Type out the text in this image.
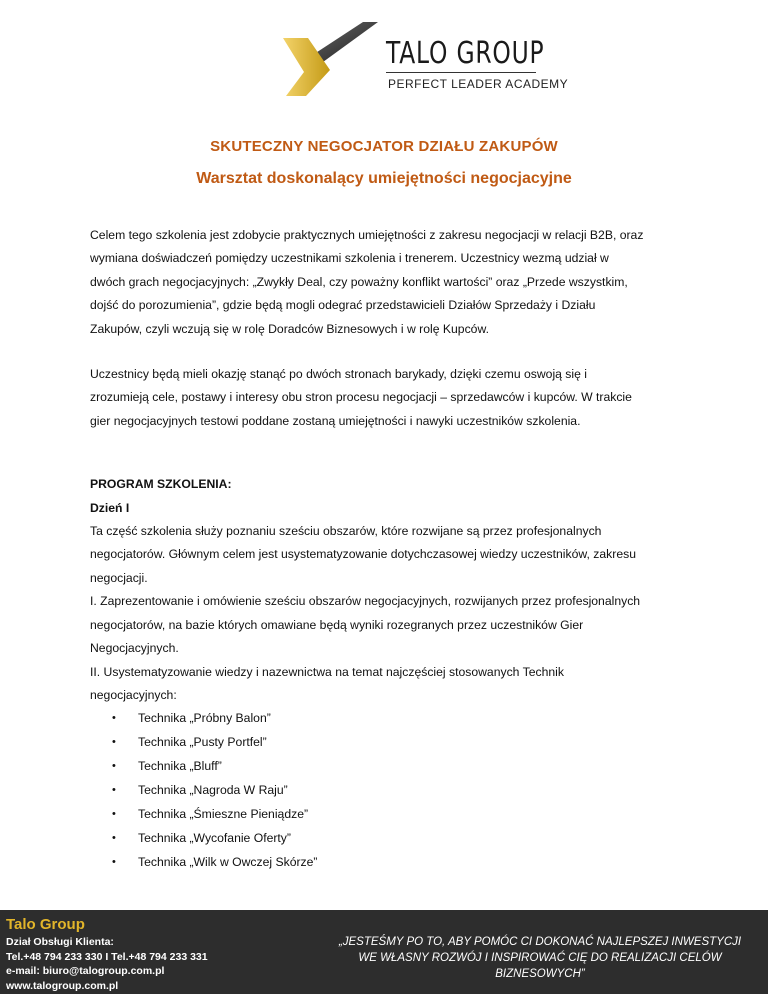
TALO GROUP
PERFECT LEADER ACADEMY
SKUTECZNY NEGOCJATOR DZIAŁU ZAKUPÓW
Warsztat doskonalący umiejętności negocjacyjne

Celem tego szkolenia jest zdobycie praktycznych umiejętności z zakresu negocjacji w relacji B2B, oraz

wymiana doświadczeń pomiędzy uczestnikami szkolenia i trenerem. Uczestnicy wezmą udział w

dwóch grach negocjacyjnych: „Zwykły Deal, czy poważny konflikt wartości” oraz „Przede wszystkim,

dojść do porozumienia”, gdzie będą mogli odegrać przedstawicieli Działów Sprzedaży i Działu

Zakupów, czyli wczują się w rolę Doradców Biznesowych i w rolę Kupców.

Uczestnicy będą mieli okazję stanąć po dwóch stronach barykady, dzięki czemu oswoją się i

zrozumieją cele, postawy i interesy obu stron procesu negocjacji – sprzedawców i kupców. W trakcie

gier negocjacyjnych testowi poddane zostaną umiejętności i nawyki uczestników szkolenia.

PROGRAM SZKOLENIA:

Dzień I

Ta część szkolenia służy poznaniu sześciu obszarów, które rozwijane są przez profesjonalnych

negocjatorów. Głównym celem jest usystematyzowanie dotychczasowej wiedzy uczestników, zakresu

negocjacji.

I. Zaprezentowanie i omówienie sześciu obszarów negocjacyjnych, rozwijanych przez profesjonalnych

negocjatorów, na bazie których omawiane będą wyniki rozegranych przez uczestników Gier

Negocjacyjnych.

II. Usystematyzowanie wiedzy i nazewnictwa na temat najczęściej stosowanych Technik

negocjacyjnych:

• Technika „Próbny Balon”
• Technika „Pusty Portfel”
• Technika „Bluff”
• Technika „Nagroda W Raju”
• Technika „Śmieszne Pieniądze”
• Technika „Wycofanie Oferty”
• Technika „Wilk w Owczej Skórze”
Talo Group
Dział Obsługi Klienta:
Tel.+48 794 233 330 I Tel.+48 794 233 331
e-mail: biuro@talogroup.com.pl
www.talogroup.com.pl
„JESTEŚMY PO TO, ABY POMÓC CI DOKONAĆ NAJLEPSZEJ INWESTYCJI
WE WŁASNY ROZWÓJ I INSPIROWAĆ CIĘ DO REALIZACJI CELÓW BIZNESOWYCH”
